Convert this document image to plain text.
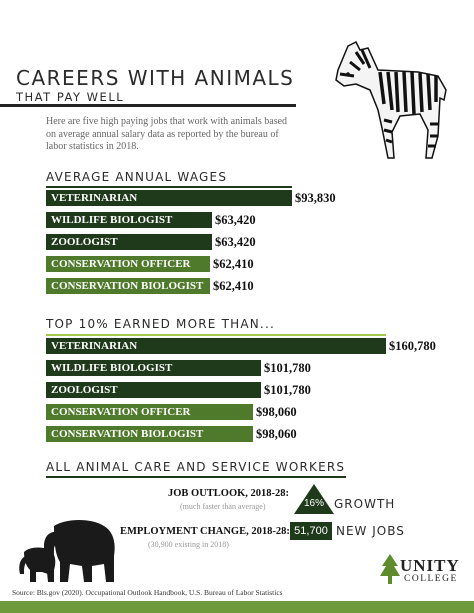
CAREERS WITH ANIMALS
THAT PAY WELL
Here are five high paying jobs that work with animals based on average annual salary data as reported by the bureau of labor statistics in 2018.
AVERAGE ANNUAL WAGES
VETERINARIAN	$93,830
WILDLIFE BIOLOGIST	$63,420
ZOOLOGIST	$63,420
CONSERVATION OFFICER	$62,410
CONSERVATION BIOLOGIST $62,410
TOP 10% EARNED MORE THAN...
VETERINARIAN	$160,780
WILDLIFE BIOLOGIST	$101,780
ZOOLOGIST	$101,780
CONSERVATION OFFICER	$98,060
CONSERVATION BIOLOGIST	$98,060
ALL ANIMAL CARE AND SERVICE WORKERS
JOB OUTLOOK, 2018-28:
(much faster than average)	16% GROWTH
EMPLOYMENT CHANGE, 2018-28:
(30,900 existing in 2018)
51,700 NEW JOBS
UNITY
COLLEGE
Source: Bls.gov (2020). Occupational Outlook Handbook, U.S. Bureau of Labor Statistics
